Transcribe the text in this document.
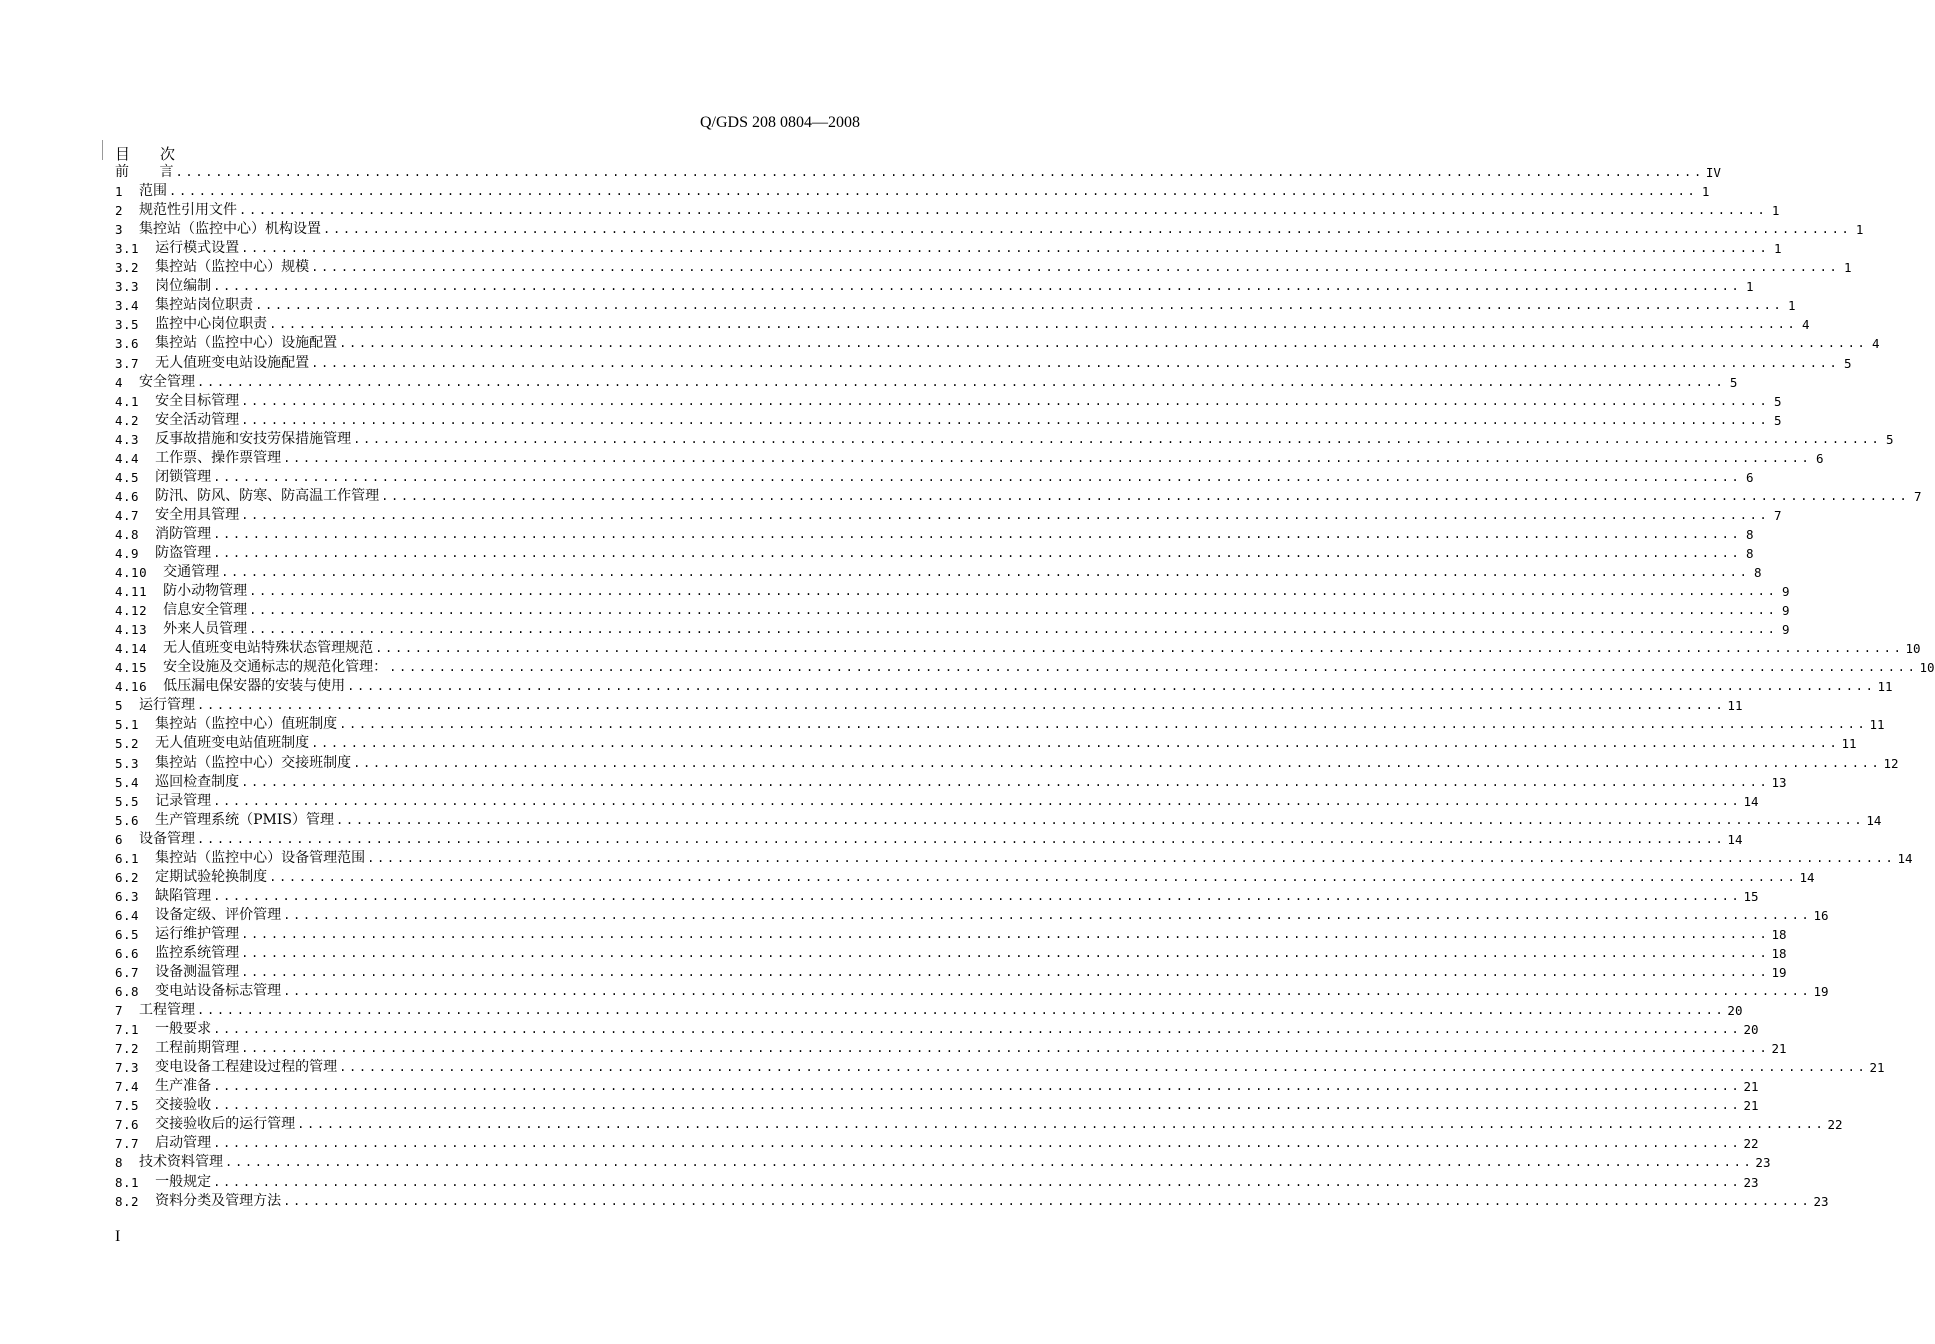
Q/GDS 208 0804—2008
目 次
前	言 .......................................................................................................................................................... IV
1	范围 .......................................................................................................................................................... 1
2	规范性引用文件 .......................................................................................................................................................... 1
3	集控站（监控中心）机构设置 .......................................................................................................................................................... 1
3.1	运行模式设置 .......................................................................................................................................................... 1
3.2	集控站（监控中心）规模 .......................................................................................................................................................... 1
3.3	岗位编制 .......................................................................................................................................................... 1
3.4	集控站岗位职责 .......................................................................................................................................................... 1
3.5	监控中心岗位职责 .......................................................................................................................................................... 4
3.6	集控站（监控中心）设施配置 .......................................................................................................................................................... 4
3.7	无人值班变电站设施配置 .......................................................................................................................................................... 5
4	安全管理 .......................................................................................................................................................... 5
4.1	安全目标管理 .......................................................................................................................................................... 5
4.2	安全活动管理 .......................................................................................................................................................... 5
4.3	反事故措施和安技劳保措施管理 .......................................................................................................................................................... 5
4.4	工作票、操作票管理 .......................................................................................................................................................... 6
4.5	闭锁管理 .......................................................................................................................................................... 6
4.6	防汛、防风、防寒、防高温工作管理 .......................................................................................................................................................... 7
4.7	安全用具管理 .......................................................................................................................................................... 7
4.8	消防管理 .......................................................................................................................................................... 8
4.9	防盗管理 .......................................................................................................................................................... 8
4.10	交通管理 .......................................................................................................................................................... 8
4.11	防小动物管理 .......................................................................................................................................................... 9
4.12	信息安全管理 .......................................................................................................................................................... 9
4.13	外来人员管理 .......................................................................................................................................................... 9
4.14	无人值班变电站特殊状态管理规范 .......................................................................................................................................................... 10
4.15	安全设施及交通标志的规范化管理： .......................................................................................................................................................... 10
4.16	低压漏电保安器的安装与使用 .......................................................................................................................................................... 11
5	运行管理 .......................................................................................................................................................... 11
5.1	集控站（监控中心）值班制度 .......................................................................................................................................................... 11
5.2	无人值班变电站值班制度 .......................................................................................................................................................... 11
5.3	集控站（监控中心）交接班制度 .......................................................................................................................................................... 12
5.4	巡回检查制度 .......................................................................................................................................................... 13
5.5	记录管理 .......................................................................................................................................................... 14
5.6	生产管理系统（PMIS）管理 .......................................................................................................................................................... 14
6	设备管理 .......................................................................................................................................................... 14
6.1	集控站（监控中心）设备管理范围 .......................................................................................................................................................... 14
6.2	定期试验轮换制度 .......................................................................................................................................................... 14
6.3	缺陷管理 .......................................................................................................................................................... 15
6.4	设备定级、评价管理 .......................................................................................................................................................... 16
6.5	运行维护管理 .......................................................................................................................................................... 18
6.6	监控系统管理 .......................................................................................................................................................... 18
6.7	设备测温管理 .......................................................................................................................................................... 19
6.8	变电站设备标志管理 .......................................................................................................................................................... 19
7	工程管理 .......................................................................................................................................................... 20
7.1	一般要求 .......................................................................................................................................................... 20
7.2	工程前期管理 .......................................................................................................................................................... 21
7.3	变电设备工程建设过程的管理 .......................................................................................................................................................... 21
7.4	生产准备 .......................................................................................................................................................... 21
7.5	交接验收 .......................................................................................................................................................... 21
7.6	交接验收后的运行管理 .......................................................................................................................................................... 22
7.7	启动管理 .......................................................................................................................................................... 22
8	技术资料管理 .......................................................................................................................................................... 23
8.1	一般规定 .......................................................................................................................................................... 23
8.2	资料分类及管理方法 .......................................................................................................................................................... 23
I
